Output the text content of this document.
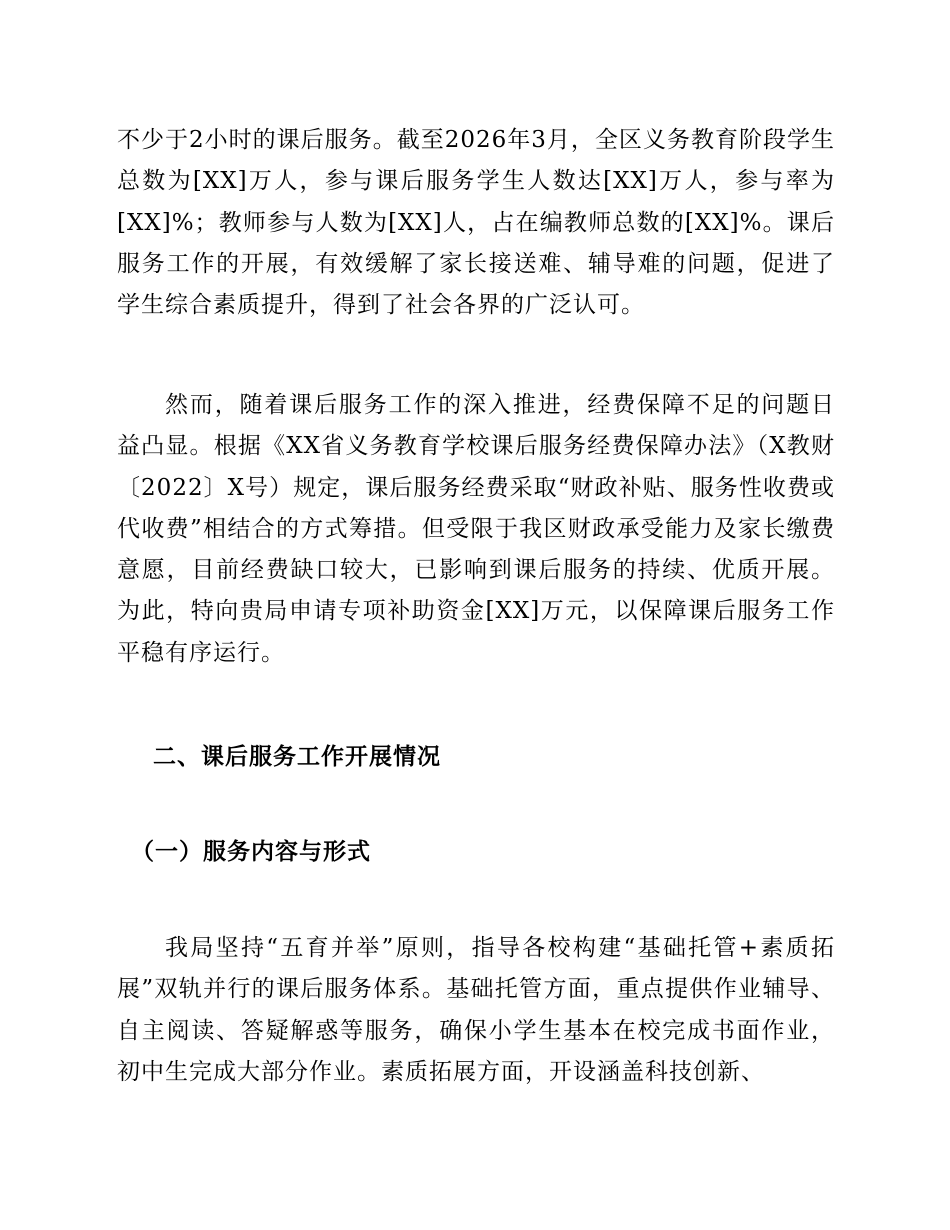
不少于2小时的课后服务。截至2026年3月，全区义务教育阶段学生总数为[XX]万人，参与课后服务学生人数达[XX]万人，参与率为[XX]%；教师参与人数为[XX]人，占在编教师总数的[XX]%。课后服务工作的开展，有效缓解了家长接送难、辅导难的问题，促进了学生综合素质提升，得到了社会各界的广泛认可。

然而，随着课后服务工作的深入推进，经费保障不足的问题日益凸显。根据《XX省义务教育学校课后服务经费保障办法》（X教财〔2022〕X号）规定，课后服务经费采取“财政补贴、服务性收费或代收费”相结合的方式筹措。但受限于我区财政承受能力及家长缴费意愿，目前经费缺口较大，已影响到课后服务的持续、优质开展。为此，特向贵局申请专项补助资金[XX]万元，以保障课后服务工作平稳有序运行。

二、课后服务工作开展情况
（一）服务内容与形式

我局坚持“五育并举”原则，指导各校构建“基础托管+素质拓展”双轨并行的课后服务体系。基础托管方面，重点提供作业辅导、自主阅读、答疑解惑等服务，确保小学生基本在校完成书面作业，初中生完成大部分作业。素质拓展方面，开设涵盖科技创新、
